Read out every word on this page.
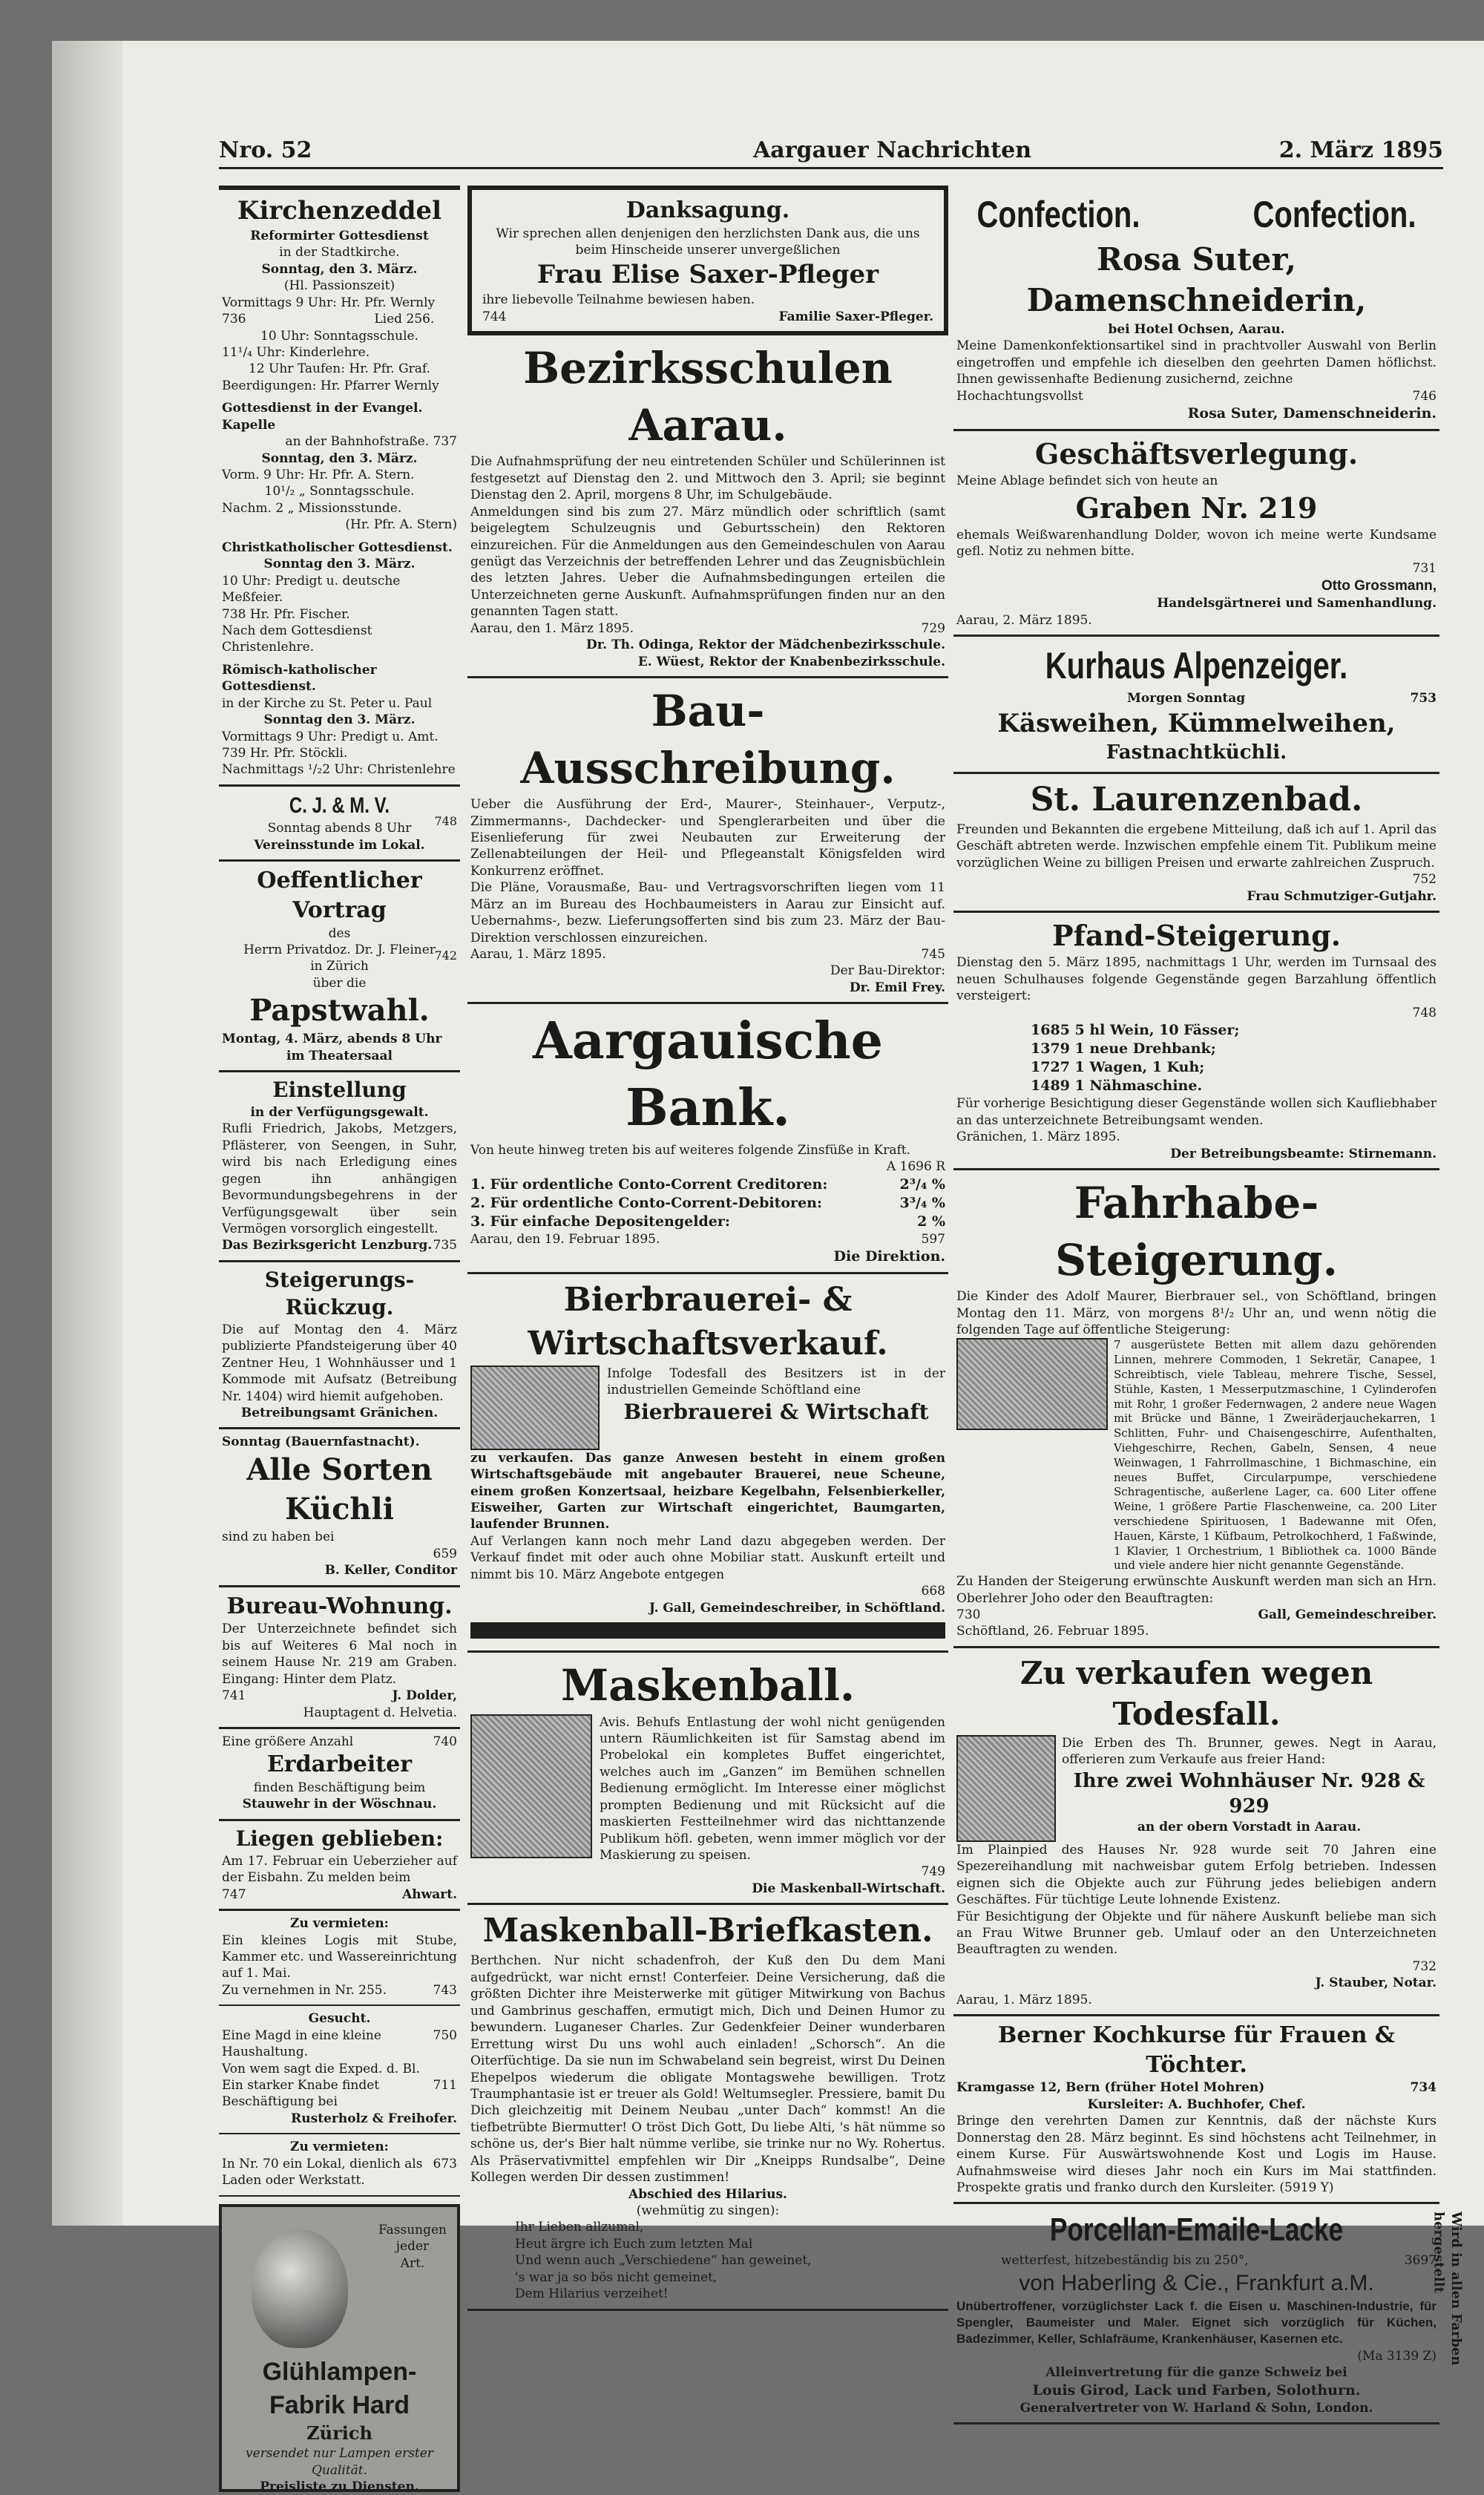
Nro. 52	Aargauer Nachrichten	2. März 1895
Kirchenzeddel
Reformirter Gottesdienst
in der Stadtkirche.
Sonntag, den 3. März.
(Hl. Passionszeit)
Vormittags 9 Uhr: Hr. Pfr. Wernly
736                                Lied 256.
10 Uhr: Sonntagsschule.
11¹/₄ Uhr: Kinderlehre.
12 Uhr Taufen: Hr. Pfr. Graf.
Beerdigungen: Hr. Pfarrer Wernly
Gottesdienst in der Evangel. Kapelle
an der Bahnhofstraße. 737
Sonntag, den 3. März.
Vorm. 9 Uhr: Hr. Pfr. A. Stern.
10¹/₂ „ Sonntagsschule.
Nachm. 2 „ Missionsstunde.
(Hr. Pfr. A. Stern)
Christkatholischer Gottesdienst.
Sonntag den 3. März.
10 Uhr: Predigt u. deutsche Meßfeier.
738 Hr. Pfr. Fischer.
Nach dem Gottesdienst Christenlehre.
Römisch-katholischer Gottesdienst.
in der Kirche zu St. Peter u. Paul
Sonntag den 3. März.
Vormittags 9 Uhr: Predigt u. Amt.
739 Hr. Pfr. Stöckli.
Nachmittags ¹/₂2 Uhr: Christenlehre
C. J. & M. V.
Sonntag abends 8 Uhr
Vereinsstunde im Lokal.
748
Oeffentlicher Vortrag
des
Herrn Privatdoz. Dr. J. Fleiner
in Zürich
über die
742
Papstwahl.
Montag, 4. März, abends 8 Uhr
im Theatersaal
Einstellung
in der Verfügungsgewalt.
Rufli Friedrich, Jakobs, Metzgers, Pflästerer, von Seengen, in Suhr, wird bis nach Erledigung eines gegen ihn anhängigen Bevormundungsbegehrens in der Verfügungsgewalt über sein Vermögen vorsorglich eingestellt.
Das Bezirksgericht Lenzburg. 735
Steigerungs-Rückzug.
Die auf Montag den 4. März publizierte Pfandsteigerung über 40 Zentner Heu, 1 Wohnhäusser und 1 Kommode mit Aufsatz (Betreibung Nr. 1404) wird hiemit aufgehoben.
Betreibungsamt Gränichen.
Sonntag (Bauernfastnacht).
Alle Sorten Küchli
sind zu haben bei
659
B. Keller, Conditor
Bureau-Wohnung.
Der Unterzeichnete befindet sich bis auf Weiteres 6 Mal noch in seinem Hause Nr. 219 am Graben. Eingang: Hinter dem Platz.
741	J. Dolder,
Hauptagent d. Helvetia.
Eine größere Anzahl	740
Erdarbeiter
finden Beschäftigung beim
Stauwehr in der Wöschnau.
Liegen geblieben:
Am 17. Februar ein Ueberzieher auf der Eisbahn. Zu melden beim
747	Ahwart.
Zu vermieten:
Ein kleines Logis mit Stube, Kammer etc. und Wassereinrichtung auf 1. Mai.
Zu vernehmen in Nr. 255.	743
Gesucht.
Eine Magd in eine kleine Haushaltung.
750
Von wem sagt die Exped. d. Bl.
Ein starker Knabe findet Beschäftigung bei
711
Rusterholz & Freihofer.
Zu vermieten:
In Nr. 70 ein Lokal, dienlich als Laden oder Werkstatt.
673
Fassungen
jeder
Art.
Glühlampen-
Fabrik Hard
Zürich
versendet nur Lampen erster
Qualität.
Preisliste zu Diensten.
Danksagung.
Wir sprechen allen denjenigen den herzlichsten Dank aus, die uns beim Hinscheide unserer unvergeßlichen
Frau Elise Saxer-Pfleger
ihre liebevolle Teilnahme bewiesen haben.
744	Familie Saxer-Pfleger.
Bezirksschulen Aarau.
Die Aufnahmsprüfung der neu eintretenden Schüler und Schülerinnen ist festgesetzt auf Dienstag den 2. und Mittwoch den 3. April; sie beginnt Dienstag den 2. April, morgens 8 Uhr, im Schulgebäude.
Anmeldungen sind bis zum 27. März mündlich oder schriftlich (samt beigelegtem Schulzeugnis und Geburtsschein) den Rektoren einzureichen. Für die Anmeldungen aus den Gemeindeschulen von Aarau genügt das Verzeichnis der betreffenden Lehrer und das Zeugnisbüchlein des letzten Jahres. Ueber die Aufnahmsbedingungen erteilen die Unterzeichneten gerne Auskunft. Aufnahmsprüfungen finden nur an den genannten Tagen statt.
Aarau, den 1. März 1895.	729
Dr. Th. Odinga, Rektor der Mädchenbezirksschule.
E. Wüest, Rektor der Knabenbezirksschule.
Bau-Ausschreibung.
Ueber die Ausführung der Erd-, Maurer-, Steinhauer-, Verputz-, Zimmermanns-, Dachdecker- und Spenglerarbeiten und über die Eisenlieferung für zwei Neubauten zur Erweiterung der Zellenabteilungen der Heil- und Pflegeanstalt Königsfelden wird Konkurrenz eröffnet.
Die Pläne, Vorausmaße, Bau- und Vertragsvorschriften liegen vom 11 März an im Bureau des Hochbaumeisters in Aarau zur Einsicht auf. Uebernahms-, bezw. Lieferungsofferten sind bis zum 23. März der Bau-Direktion verschlossen einzureichen.
Aarau, 1. März 1895.	745
Der Bau-Direktor:
Dr. Emil Frey.
Aargauische Bank.
Von heute hinweg treten bis auf weiteres folgende Zinsfüße in Kraft.
A 1696 R
1. Für ordentliche Conto-Corrent Creditoren:	2³/₄ %
2. Für ordentliche Conto-Corrent-Debitoren:	3³/₄ %
3. Für einfache Depositengelder:	2 %
Aarau, den 19. Februar 1895.	597
Die Direktion.
Bierbrauerei- & Wirtschaftsverkauf.
Infolge Todesfall des Besitzers ist in der industriellen Gemeinde Schöftland eine
Bierbrauerei & Wirtschaft
zu verkaufen. Das ganze Anwesen besteht in einem großen Wirtschaftsgebäude mit angebauter Brauerei, neue Scheune, einem großen Konzertsaal, heizbare Kegelbahn, Felsenbierkeller, Eisweiher, Garten zur Wirtschaft eingerichtet, Baumgarten, laufender Brunnen.
Auf Verlangen kann noch mehr Land dazu abgegeben werden. Der Verkauf findet mit oder auch ohne Mobiliar statt. Auskunft erteilt und nimmt bis 10. März Angebote entgegen
668
J. Gall, Gemeindeschreiber, in Schöftland.
Maskenball.
Avis. Behufs Entlastung der wohl nicht genügenden untern Räumlichkeiten ist für Samstag abend im Probelokal ein kompletes Buffet eingerichtet, welches auch im „Ganzen“ im Bemühen schnellen Bedienung ermöglicht. Im Interesse einer möglichst prompten Bedienung und mit Rücksicht auf die maskierten Festteilnehmer wird das nichttanzende Publikum höfl. gebeten, wenn immer möglich vor der Maskierung zu speisen.
749
Die Maskenball-Wirtschaft.
Maskenball-Briefkasten.
Berthchen. Nur nicht schadenfroh, der Kuß den Du dem Mani aufgedrückt, war nicht ernst! Conterfeier. Deine Versicherung, daß die größten Dichter ihre Meisterwerke mit gütiger Mitwirkung von Bachus und Gambrinus geschaffen, ermutigt mich, Dich und Deinen Humor zu bewundern. Luganeser Charles. Zur Gedenkfeier Deiner wunderbaren Errettung wirst Du uns wohl auch einladen! „Schorsch“. An die Oiterfüchtige. Da sie nun im Schwabeland sein begreist, wirst Du Deinen Ehepelpos wiederum die obligate Montagswehe bewilligen. Trotz Traumphantasie ist er treuer als Gold! Weltumsegler. Pressiere, bamit Du Dich gleichzeitig mit Deinem Neubau „unter Dach“ kommst! An die tiefbetrübte Biermutter! O tröst Dich Gott, Du liebe Alti, 's hät nümme so schöne us, der's Bier halt nümme verlibe, sie trinke nur no Wy. Rohertus. Als Präservativmittel empfehlen wir Dir „Kneipps Rundsalbe“, Deine Kollegen werden Dir dessen zustimmen!
Abschied des Hilarius.
(wehmütig zu singen):
Ihr Lieben allzumal,
Heut ärgre ich Euch zum letzten Mal
Und wenn auch „Verschiedene“ han geweinet,
's war ja so bös nicht gemeinet,
Dem Hilarius verzeihet!
Confection.	Confection.
Rosa Suter, Damenschneiderin,
bei Hotel Ochsen, Aarau.
Meine Damenkonfektionsartikel sind in prachtvoller Auswahl von Berlin eingetroffen und empfehle ich dieselben den geehrten Damen höflichst. Ihnen gewissenhafte Bedienung zusichernd, zeichne
Hochachtungsvollst	746
Rosa Suter, Damenschneiderin.
Geschäftsverlegung.
Meine Ablage befindet sich von heute an
Graben Nr. 219
ehemals Weißwarenhandlung Dolder, wovon ich meine werte Kundsame gefl. Notiz zu nehmen bitte.
731
Otto Grossmann,
Handelsgärtnerei und Samenhandlung.
Aarau, 2. März 1895.
Kurhaus Alpenzeiger.
Morgen Sonntag	753
Käsweihen, Kümmelweihen,
Fastnachtküchli.
St. Laurenzenbad.
Freunden und Bekannten die ergebene Mitteilung, daß ich auf 1. April das Geschäft abtreten werde. Inzwischen empfehle einem Tit. Publikum meine vorzüglichen Weine zu billigen Preisen und erwarte zahlreichen Zuspruch.
752
Frau Schmutziger-Gutjahr.
Pfand-Steigerung.
Dienstag den 5. März 1895, nachmittags 1 Uhr, werden im Turnsaal des neuen Schulhauses folgende Gegenstände gegen Barzahlung öffentlich versteigert:
748
1685 5 hl Wein, 10 Fässer;
1379 1 neue Drehbank;
1727 1 Wagen, 1 Kuh;
1489 1 Nähmaschine.
Für vorherige Besichtigung dieser Gegenstände wollen sich Kaufliebhaber an das unterzeichnete Betreibungsamt wenden.
Gränichen, 1. März 1895.
Der Betreibungsbeamte: Stirnemann.
Fahrhabe-Steigerung.
Die Kinder des Adolf Maurer, Bierbrauer sel., von Schöftland, bringen Montag den 11. März, von morgens 8¹/₂ Uhr an, und wenn nötig die folgenden Tage auf öffentliche Steigerung:
7 ausgerüstete Betten mit allem dazu gehörenden Linnen, mehrere Commoden, 1 Sekretär, Canapee, 1 Schreibtisch, viele Tableau, mehrere Tische, Sessel, Stühle, Kasten, 1 Messerputzmaschine, 1 Cylinderofen mit Rohr, 1 großer Federnwagen, 2 andere neue Wagen mit Brücke und Bänne, 1 Zweiräderjauchekarren, 1 Schlitten, Fuhr- und Chaisengeschirre, Aufenthalten, Viehgeschirre, Rechen, Gabeln, Sensen, 4 neue Weinwagen, 1 Fahrrollmaschine, 1 Bichmaschine, ein neues Buffet, Circularpumpe, verschiedene Schragentische, außerlene Lager, ca. 600 Liter offene Weine, 1 größere Partie Flaschenweine, ca. 200 Liter verschiedene Spirituosen, 1 Badewanne mit Ofen, Hauen, Kärste, 1 Küfbaum, Petrolkochherd, 1 Faßwinde, 1 Klavier, 1 Orchestrium, 1 Bibliothek ca. 1000 Bände und viele andere hier nicht genannte Gegenstände.
Zu Handen der Steigerung erwünschte Auskunft werden man sich an Hrn. Oberlehrer Joho oder den Beauftragten:
730	Gall, Gemeindeschreiber.
Schöftland, 26. Februar 1895.
Zu verkaufen wegen Todesfall.
Die Erben des Th. Brunner, gewes. Negt in Aarau, offerieren zum Verkaufe aus freier Hand:
Ihre zwei Wohnhäuser Nr. 928 & 929
an der obern Vorstadt in Aarau.
Im Plainpied des Hauses Nr. 928 wurde seit 70 Jahren eine Spezereihandlung mit nachweisbar gutem Erfolg betrieben. Indessen eignen sich die Objekte auch zur Führung jedes beliebigen andern Geschäftes. Für tüchtige Leute lohnende Existenz.
Für Besichtigung der Objekte und für nähere Auskunft beliebe man sich an Frau Witwe Brunner geb. Umlauf oder an den Unterzeichneten Beauftragten zu wenden.
732
J. Stauber, Notar.
Aarau, 1. März 1895.
Berner Kochkurse für Frauen & Töchter.
Kramgasse 12, Bern (früher Hotel Mohren)	734
Kursleiter: A. Buchhofer, Chef.
Bringe den verehrten Damen zur Kenntnis, daß der nächste Kurs Donnerstag den 28. März beginnt. Es sind höchstens acht Teilnehmer, in einem Kurse. Für Auswärtswohnende Kost und Logis im Hause. Aufnahmsweise wird dieses Jahr noch ein Kurs im Mai stattfinden. Prospekte gratis und franko durch den Kursleiter. (5919 Y)
Porcellan-Emaile-Lacke
wetterfest, hitzebeständig bis zu 250°,	3697
von Haberling & Cie., Frankfurt a.M.
Unübertroffener, vorzüglichster Lack f. die Eisen u. Maschinen-Industrie, für Spengler, Baumeister und Maler. Eignet sich vorzüglich für Küchen, Badezimmer, Keller, Schlafräume, Krankenhäuser, Kasernen etc.
(Ma 3139 Z)
Alleinvertretung für die ganze Schweiz bei
Louis Girod, Lack und Farben, Solothurn.
Generalvertreter von W. Harland & Sohn, London.
Wird in allen Farben hergestellt
